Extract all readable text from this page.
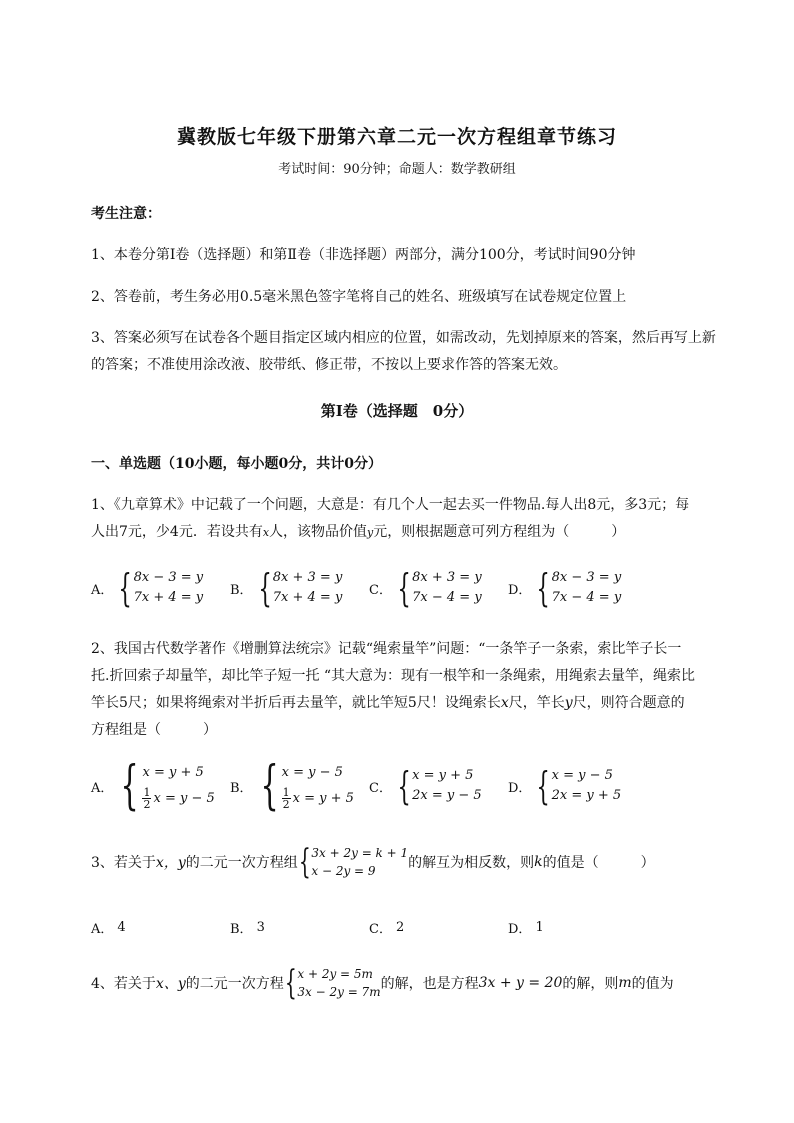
冀教版七年级下册第六章二元一次方程组章节练习
考试时间：90分钟；命题人：数学教研组
考生注意：
1、本卷分第Ⅰ卷（选择题）和第Ⅱ卷（非选择题）两部分，满分100分，考试时间90分钟
2、答卷前，考生务必用0.5毫米黑色签字笔将自己的姓名、班级填写在试卷规定位置上
3、答案必须写在试卷各个题目指定区域内相应的位置，如需改动，先划掉原来的答案，然后再写上新
的答案；不准使用涂改液、胶带纸、修正带，不按以上要求作答的答案无效。
第Ⅰ卷（选择题　0分）
一、单选题（10小题，每小题0分，共计0分）
1、《九章算术》中记载了一个问题，大意是：有几个人一起去买一件物品.每人出8元，多3元；每
人出7元，少4元．若设共有x人，该物品价值y元，则根据题意可列方程组为（　　　）
A． { 8x − 3 = y
7x + 4 = y B． { 8x + 3 = y
7x + 4 = y C． { 8x + 3 = y
7x − 4 = y D． { 8x − 3 = y
7x − 4 = y
2、我国古代数学著作《增删算法统宗》记载“绳索量竿”问题：“一条竿子一条索，索比竿子长一
托.折回索子却量竿，却比竿子短一托 “其大意为：现有一根竿和一条绳索，用绳索去量竿，绳索比
竿长5尺；如果将绳索对半折后再去量竿，就比竿短5尺！设绳索长x尺，竿长y尺，则符合题意的
方程组是（　　　）
A． { x = y + 5
$\frac{1}{2}$ x = y − 5
B． { x = y − 5
$\frac{1}{2}$ x = y + 5
C． { x = y + 5
2x = y − 5 D． { x = y − 5
2x = y + 5
3、若关于 x，y 的二元一次方程组 { 3x + 2y = k + 1
x − 2y = 9	的解互为相反数，则 k 的值是（　　　）
A． 4	B． 3	C． 2	D． 1
4、若关于 x、y 的二元一次方程 { x + 2y = 5m
3x − 2y = 7m 的解，也是方程 3x + y = 20 的解，则 m 的值为
